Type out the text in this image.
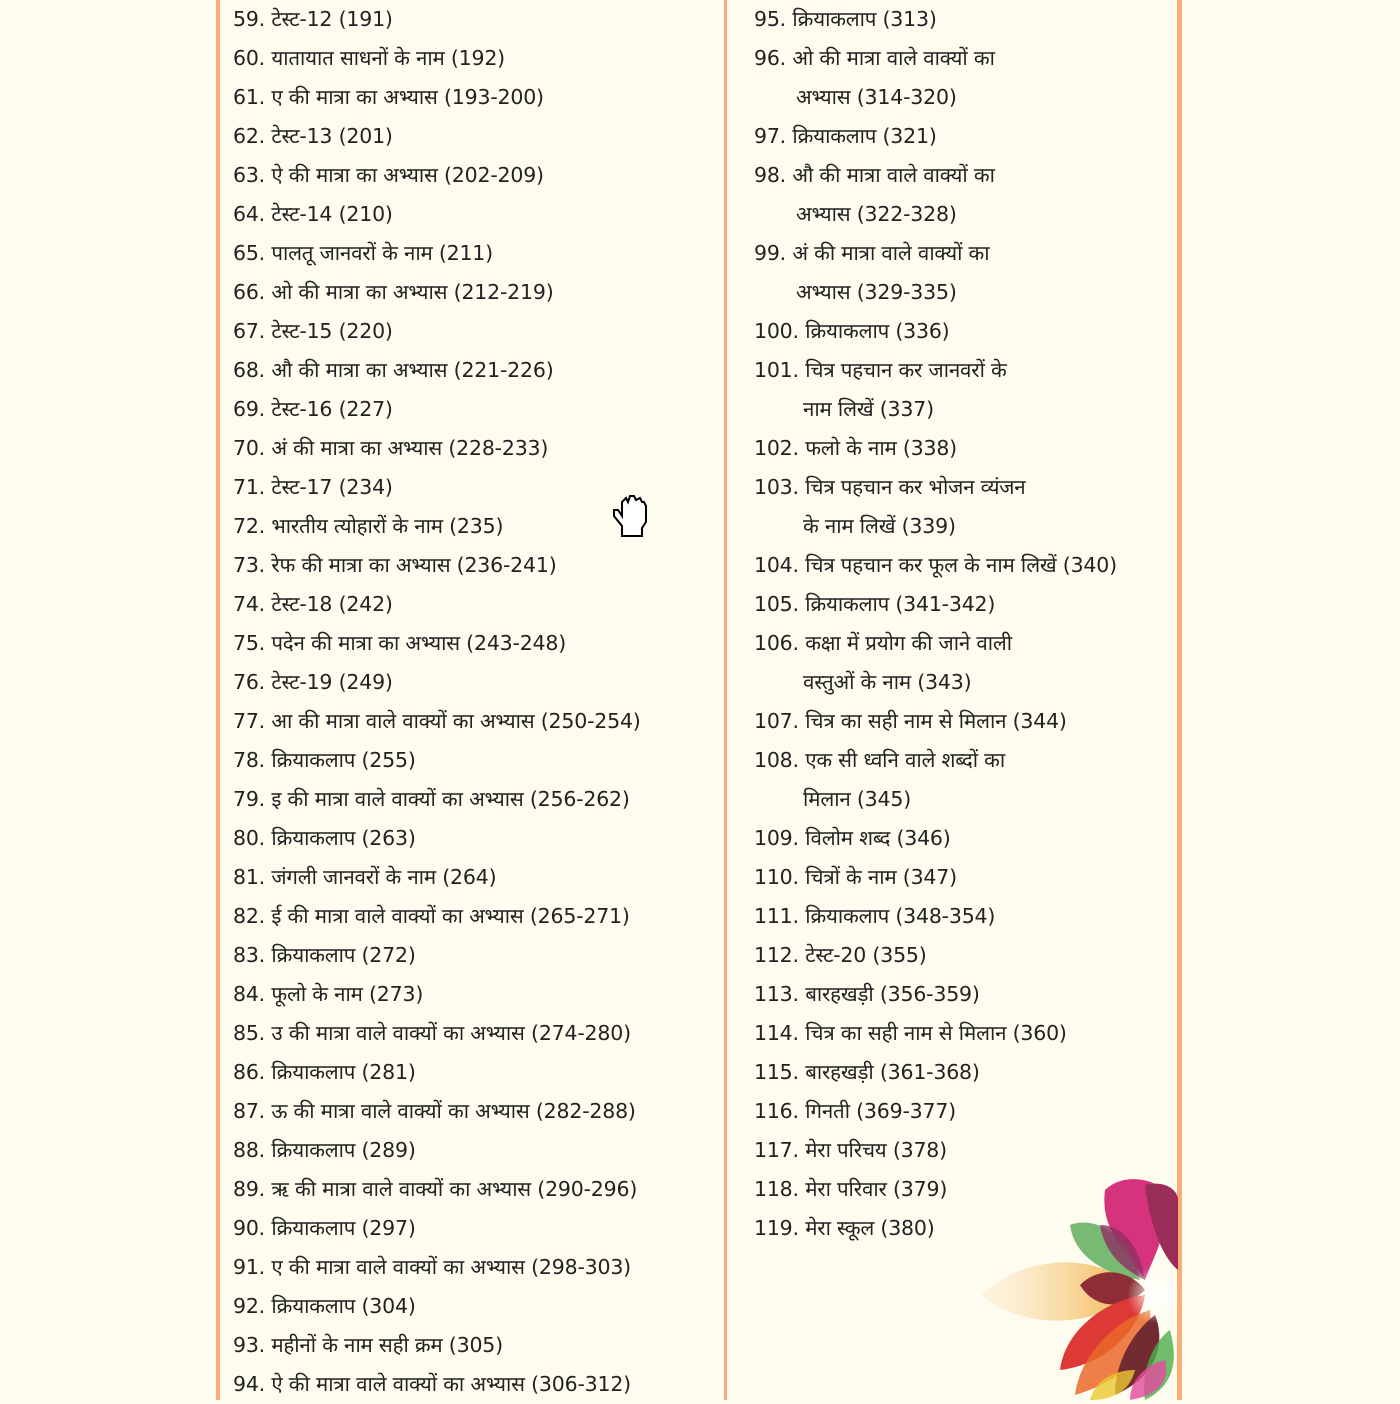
59. टेस्ट-12 (191)
60. यातायात साधनों के नाम (192)
61. ए की मात्रा का अभ्यास (193-200)
62. टेस्ट-13 (201)
63. ऐ की मात्रा का अभ्यास (202-209)
64. टेस्ट-14 (210)
65. पालतू जानवरों के नाम (211)
66. ओ की मात्रा का अभ्यास (212-219)
67. टेस्ट-15 (220)
68. औ की मात्रा का अभ्यास (221-226)
69. टेस्ट-16 (227)
70. अं की मात्रा का अभ्यास (228-233)
71. टेस्ट-17 (234)
72. भारतीय त्योहारों के नाम (235)
73. रेफ की मात्रा का अभ्यास (236-241)
74. टेस्ट-18 (242)
75. पदेन की मात्रा का अभ्यास (243-248)
76. टेस्ट-19 (249)
77. आ की मात्रा वाले वाक्यों का अभ्यास (250-254)
78. क्रियाकलाप (255)
79. इ की मात्रा वाले वाक्यों का अभ्यास (256-262)
80. क्रियाकलाप (263)
81. जंगली जानवरों के नाम (264)
82. ई की मात्रा वाले वाक्यों का अभ्यास (265-271)
83. क्रियाकलाप (272)
84. फूलो के नाम (273)
85. उ की मात्रा वाले वाक्यों का अभ्यास (274-280)
86. क्रियाकलाप (281)
87. ऊ की मात्रा वाले वाक्यों का अभ्यास (282-288)
88. क्रियाकलाप (289)
89. ऋ की मात्रा वाले वाक्यों का अभ्यास (290-296)
90. क्रियाकलाप (297)
91. ए की मात्रा वाले वाक्यों का अभ्यास (298-303)
92. क्रियाकलाप (304)
93. महीनों के नाम सही क्रम (305)
94. ऐ की मात्रा वाले वाक्यों का अभ्यास (306-312)
95. क्रियाकलाप (313)
96. ओ की मात्रा वाले वाक्यों का
अभ्यास (314-320)
97. क्रियाकलाप (321)
98. औ की मात्रा वाले वाक्यों का
अभ्यास (322-328)
99. अं की मात्रा वाले वाक्यों का
अभ्यास (329-335)
100. क्रियाकलाप (336)
101. चित्र पहचान कर जानवरों के
नाम लिखें (337)
102. फलो के नाम (338)
103. चित्र पहचान कर भोजन व्यंजन
के नाम लिखें (339)
104. चित्र पहचान कर फूल के नाम लिखें (340)
105. क्रियाकलाप (341-342)
106. कक्षा में प्रयोग की जाने वाली
वस्तुओं के नाम (343)
107. चित्र का सही नाम से मिलान (344)
108. एक सी ध्वनि वाले शब्दों का
मिलान (345)
109. विलोम शब्द (346)
110. चित्रों के नाम (347)
111. क्रियाकलाप (348-354)
112. टेस्ट-20 (355)
113. बारहखड़ी (356-359)
114. चित्र का सही नाम से मिलान (360)
115. बारहखड़ी (361-368)
116. गिनती (369-377)
117. मेरा परिचय (378)
118. मेरा परिवार (379)
119. मेरा स्कूल (380)
